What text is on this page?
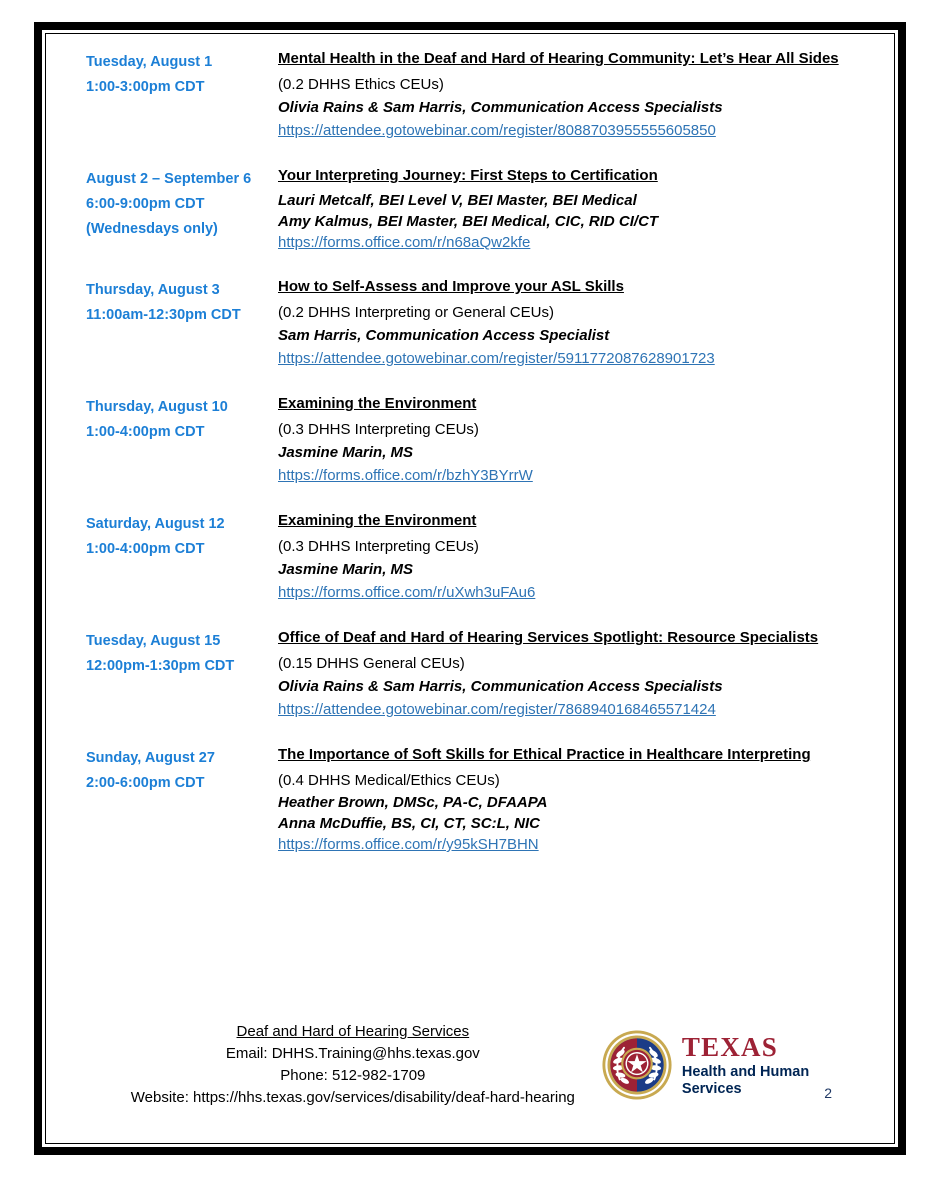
Tuesday, August 1
1:00-3:00pm CDT
Mental Health in the Deaf and Hard of Hearing Community: Let’s Hear All Sides
(0.2 DHHS Ethics CEUs)
Olivia Rains & Sam Harris, Communication Access Specialists
https://attendee.gotowebinar.com/register/8088703955555605850
August 2 – September 6
6:00-9:00pm CDT
(Wednesdays only)
Your Interpreting Journey: First Steps to Certification
Lauri Metcalf, BEI Level V, BEI Master, BEI Medical
Amy Kalmus, BEI Master, BEI Medical, CIC, RID CI/CT
https://forms.office.com/r/n68aQw2kfe
Thursday, August 3
11:00am-12:30pm CDT
How to Self-Assess and Improve your ASL Skills
(0.2 DHHS Interpreting or General CEUs)
Sam Harris, Communication Access Specialist
https://attendee.gotowebinar.com/register/5911772087628901723
Thursday, August 10
1:00-4:00pm CDT
Examining the Environment
(0.3 DHHS Interpreting CEUs)
Jasmine Marin, MS
https://forms.office.com/r/bzhY3BYrrW
Saturday, August 12
1:00-4:00pm CDT
Examining the Environment
(0.3 DHHS Interpreting CEUs)
Jasmine Marin, MS
https://forms.office.com/r/uXwh3uFAu6
Tuesday, August 15
12:00pm-1:30pm CDT
Office of Deaf and Hard of Hearing Services Spotlight: Resource Specialists
(0.15 DHHS General CEUs)
Olivia Rains & Sam Harris, Communication Access Specialists
https://attendee.gotowebinar.com/register/7868940168465571424
Sunday, August 27
2:00-6:00pm CDT
The Importance of Soft Skills for Ethical Practice in Healthcare Interpreting
(0.4 DHHS Medical/Ethics CEUs)
Heather Brown, DMSc, PA-C, DFAAPA
Anna McDuffie, BS, CI, CT, SC:L, NIC
https://forms.office.com/r/y95kSH7BHN
Deaf and Hard of Hearing Services
Email: DHHS.Training@hhs.texas.gov
Phone: 512-982-1709
Website: https://hhs.texas.gov/services/disability/deaf-hard-hearing
TEXAS
Health and Human
Services	2
